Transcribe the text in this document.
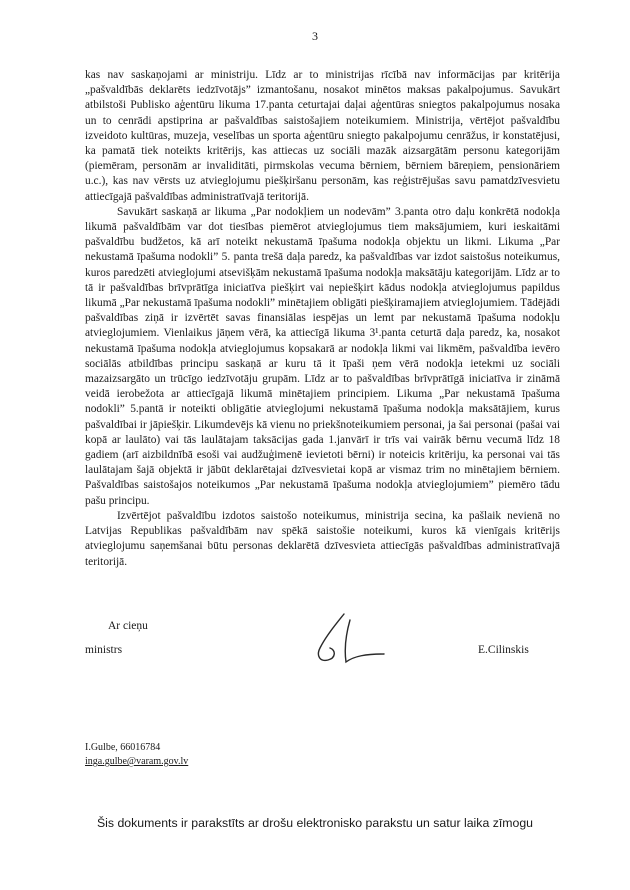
3

kas nav saskaņojami ar ministriju. Līdz ar to ministrijas rīcībā nav informācijas par kritērija „pašvaldībās deklarēts iedzīvotājs” izmantošanu, nosakot minētos maksas pakalpojumus. Savukārt atbilstoši Publisko aģentūru likuma 17.panta ceturtajai daļai aģentūras sniegtos pakalpojumus nosaka un to cenrādi apstiprina ar pašvaldības saistošajiem noteikumiem. Ministrija, vērtējot pašvaldību izveidoto kultūras, muzeja, veselības un sporta aģentūru sniegto pakalpojumu cenrāžus, ir konstatējusi, ka pamatā tiek noteikts kritērijs, kas attiecas uz sociāli mazāk aizsargātām personu kategorijām (piemēram, personām ar invaliditāti, pirmskolas vecuma bērniem, bērniem bāreņiem, pensionāriem u.c.), kas nav vērsts uz atvieglojumu piešķiršanu personām, kas reģistrējušas savu pamatdzīvesvietu attiecīgajā pašvaldības administratīvajā teritorijā.

Savukārt saskaņā ar likuma „Par nodokļiem un nodevām” 3.panta otro daļu konkrētā nodokļa likumā pašvaldībām var dot tiesības piemērot atvieglojumus tiem maksājumiem, kuri ieskaitāmi pašvaldību budžetos, kā arī noteikt nekustamā īpašuma nodokļa objektu un likmi. Likuma „Par nekustamā īpašuma nodokli” 5. panta trešā daļa paredz, ka pašvaldības var izdot saistošus noteikumus, kuros paredzēti atvieglojumi atsevišķām nekustamā īpašuma nodokļa maksātāju kategorijām. Līdz ar to tā ir pašvaldības brīvprātīga iniciatīva piešķirt vai nepiešķirt kādus nodokļa atvieglojumus papildus likumā „Par nekustamā īpašuma nodokli” minētajiem obligāti piešķiramajiem atvieglojumiem. Tādējādi pašvaldības ziņā ir izvērtēt savas finansiālas iespējas un lemt par nekustamā īpašuma nodokļu atvieglojumiem. Vienlaikus jāņem vērā, ka attiecīgā likuma 3¹.panta ceturtā daļa paredz, ka, nosakot nekustamā īpašuma nodokļa atvieglojumus kopsakarā ar nodokļa likmi vai likmēm, pašvaldība ievēro sociālās atbildības principu saskaņā ar kuru tā it īpaši ņem vērā nodokļa ietekmi uz sociāli mazaizsargāto un trūcīgo iedzīvotāju grupām. Līdz ar to pašvaldības brīvprātīgā iniciatīva ir zināmā veidā ierobežota ar attiecīgajā likumā minētajiem principiem. Likuma „Par nekustamā īpašuma nodokli” 5.pantā ir noteikti obligātie atvieglojumi nekustamā īpašuma nodokļa maksātājiem, kurus pašvaldībai ir jāpiešķir. Likumdevējs kā vienu no priekšnoteikumiem personai, ja šai personai (pašai vai kopā ar laulāto) vai tās laulātajam taksācijas gada 1.janvārī ir trīs vai vairāk bērnu vecumā līdz 18 gadiem (arī aizbildnībā esoši vai audžuģimenē ievietoti bērni) ir noteicis kritēriju, ka personai vai tās laulātajam šajā objektā ir jābūt deklarētajai dzīvesvietai kopā ar vismaz trim no minētajiem bērniem. Pašvaldības saistošajos noteikumos „Par nekustamā īpašuma nodokļa atvieglojumiem” piemēro tādu pašu principu.

Izvērtējot pašvaldību izdotos saistošo noteikumus, ministrija secina, ka pašlaik nevienā no Latvijas Republikas pašvaldībām nav spēkā saistošie noteikumi, kuros kā vienīgais kritērijs atvieglojumu saņemšanai būtu personas deklarētā dzīvesvieta attiecīgās pašvaldības administratīvajā teritorijā.

Ar cieņu
ministrs	E.Cilinskis
I.Gulbe, 66016784
inga.gulbe@varam.gov.lv
Šis dokuments ir parakstīts ar drošu elektronisko parakstu un satur laika zīmogu
